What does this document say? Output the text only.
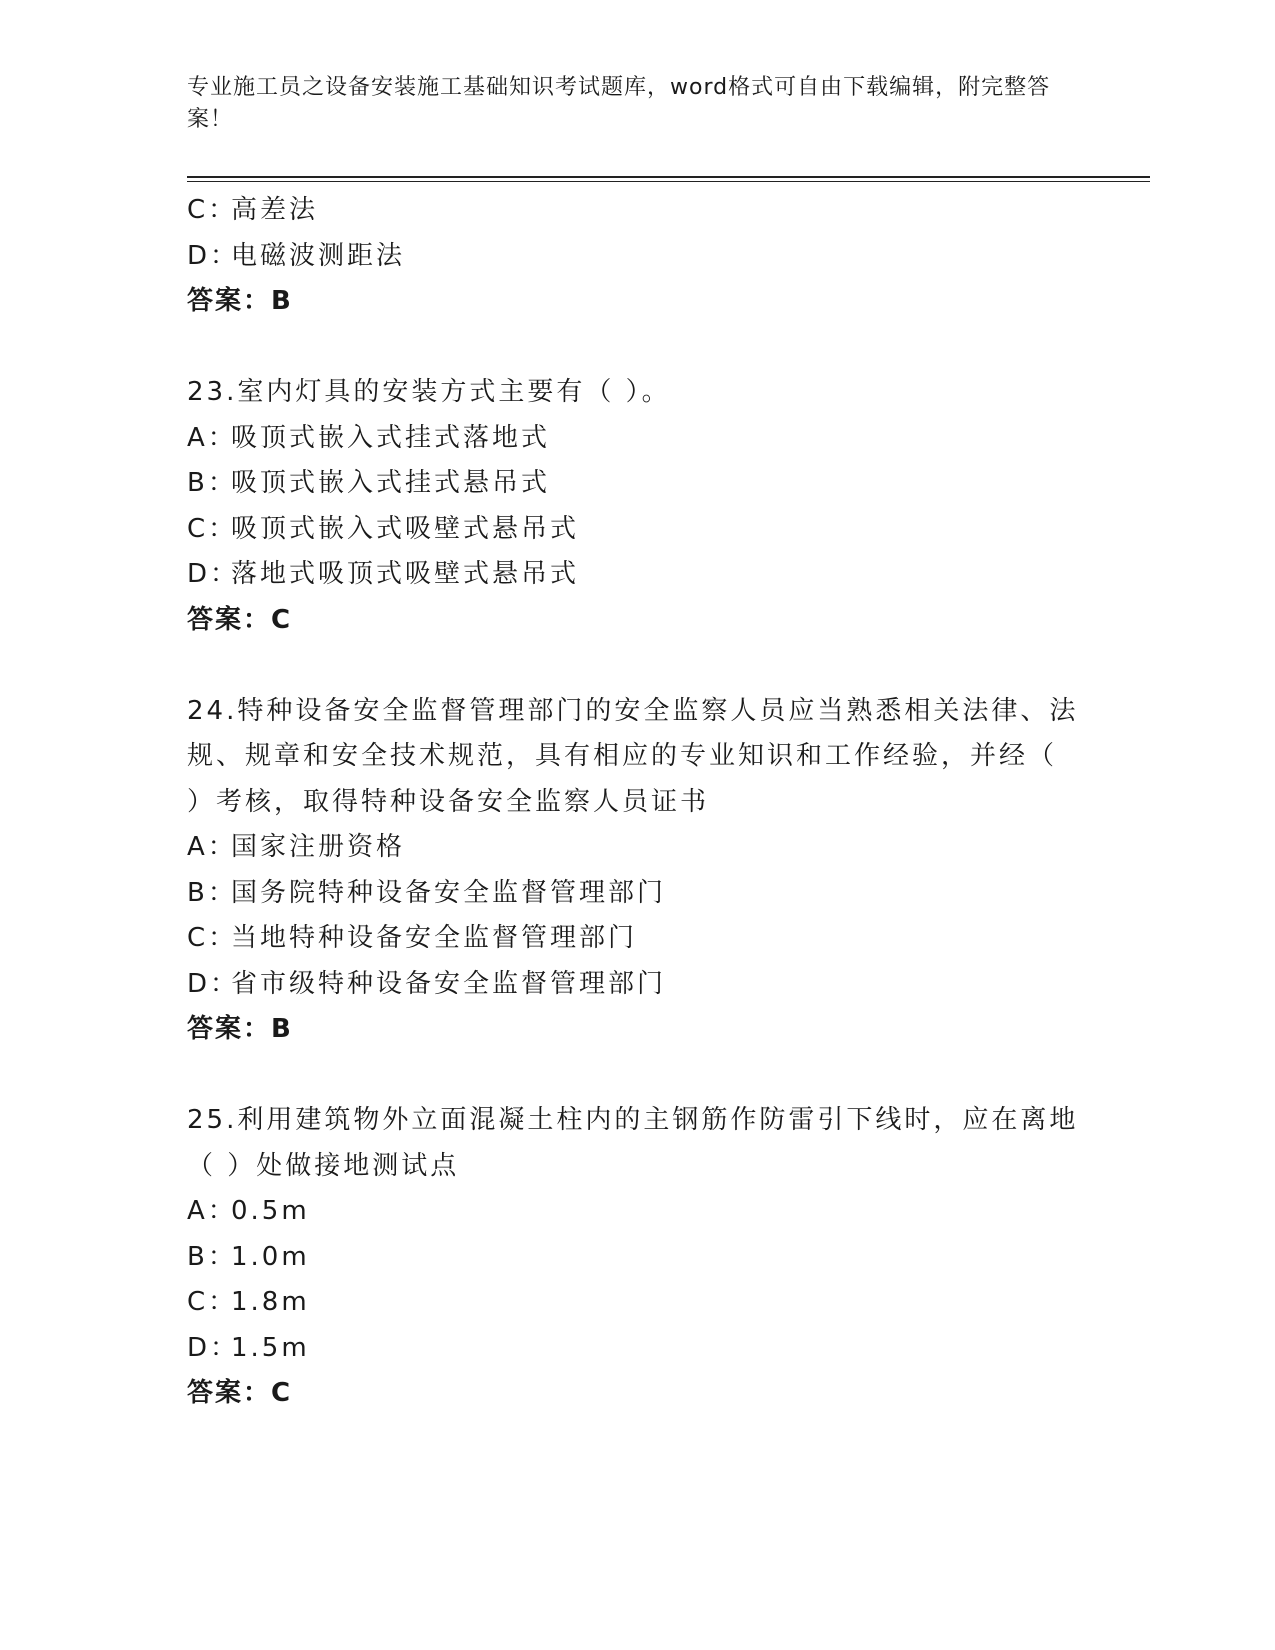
专业施工员之设备安装施工基础知识考试题库，word格式可自由下载编辑，附完整答案！
C：高差法
D：电磁波测距法
答案：B
23.室内灯具的安装方式主要有（ ）。
A：吸顶式嵌入式挂式落地式
B：吸顶式嵌入式挂式悬吊式
C：吸顶式嵌入式吸壁式悬吊式
D：落地式吸顶式吸壁式悬吊式
答案：C
24.特种设备安全监督管理部门的安全监察人员应当熟悉相关法律、法
规、规章和安全技术规范，具有相应的专业知识和工作经验，并经（
）考核，取得特种设备安全监察人员证书
A：国家注册资格
B：国务院特种设备安全监督管理部门
C：当地特种设备安全监督管理部门
D：省市级特种设备安全监督管理部门
答案：B
25.利用建筑物外立面混凝土柱内的主钢筋作防雷引下线时，应在离地
（ ）处做接地测试点
A：0.5m
B：1.0m
C：1.8m
D：1.5m
答案：C
